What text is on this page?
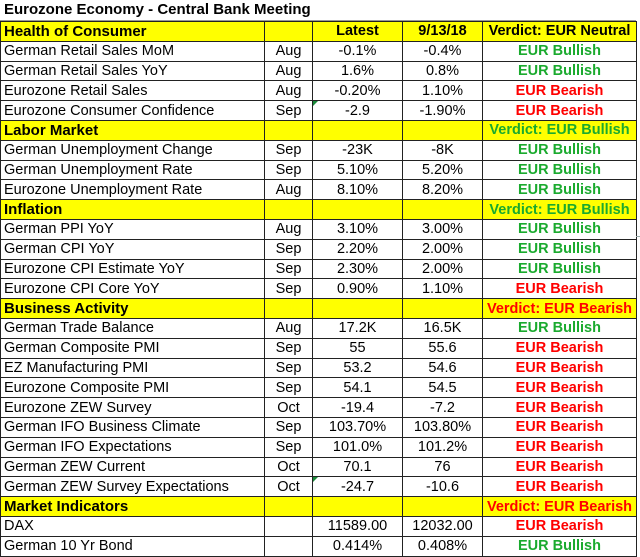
Eurozone Economy - Central Bank Meeting
Health of Consumer		Latest	9/13/18	Verdict: EUR Neutral
German Retail Sales MoM	Aug	-0.1%	-0.4%	EUR Bullish
German Retail Sales YoY	Aug	1.6%	0.8%	EUR Bullish
Eurozone Retail Sales	Aug	-0.20%	1.10%	EUR Bearish
Eurozone Consumer Confidence	Sep	-2.9	-1.90%	EUR Bearish
Labor Market				Verdict: EUR Bullish
German Unemployment Change	Sep	-23K	-8K	EUR Bullish
German Unemployment Rate	Sep	5.10%	5.20%	EUR Bullish
Eurozone Unemployment Rate	Aug	8.10%	8.20%	EUR Bullish
Inflation				Verdict: EUR Bullish
German PPI YoY	Aug	3.10%	3.00%	EUR Bullish
German CPI YoY	Sep	2.20%	2.00%	EUR Bullish
Eurozone CPI Estimate YoY	Sep	2.30%	2.00%	EUR Bullish
Eurozone CPI Core YoY	Sep	0.90%	1.10%	EUR Bearish
Business Activity				Verdict: EUR Bearish
German Trade Balance	Aug	17.2K	16.5K	EUR Bullish
German Composite PMI	Sep	55	55.6	EUR Bearish
EZ Manufacturing PMI	Sep	53.2	54.6	EUR Bearish
Eurozone Composite PMI	Sep	54.1	54.5	EUR Bearish
Eurozone ZEW Survey	Oct	-19.4	-7.2	EUR Bearish
German IFO Business Climate	Sep	103.70%	103.80%	EUR Bearish
German IFO Expectations	Sep	101.0%	101.2%	EUR Bearish
German ZEW Current	Oct	70.1	76	EUR Bearish
German ZEW Survey Expectations	Oct	-24.7	-10.6	EUR Bearish
Market Indicators				Verdict: EUR Bearish
DAX		11589.00	12032.00	EUR Bearish
German 10 Yr Bond		0.414%	0.408%	EUR Bullish
